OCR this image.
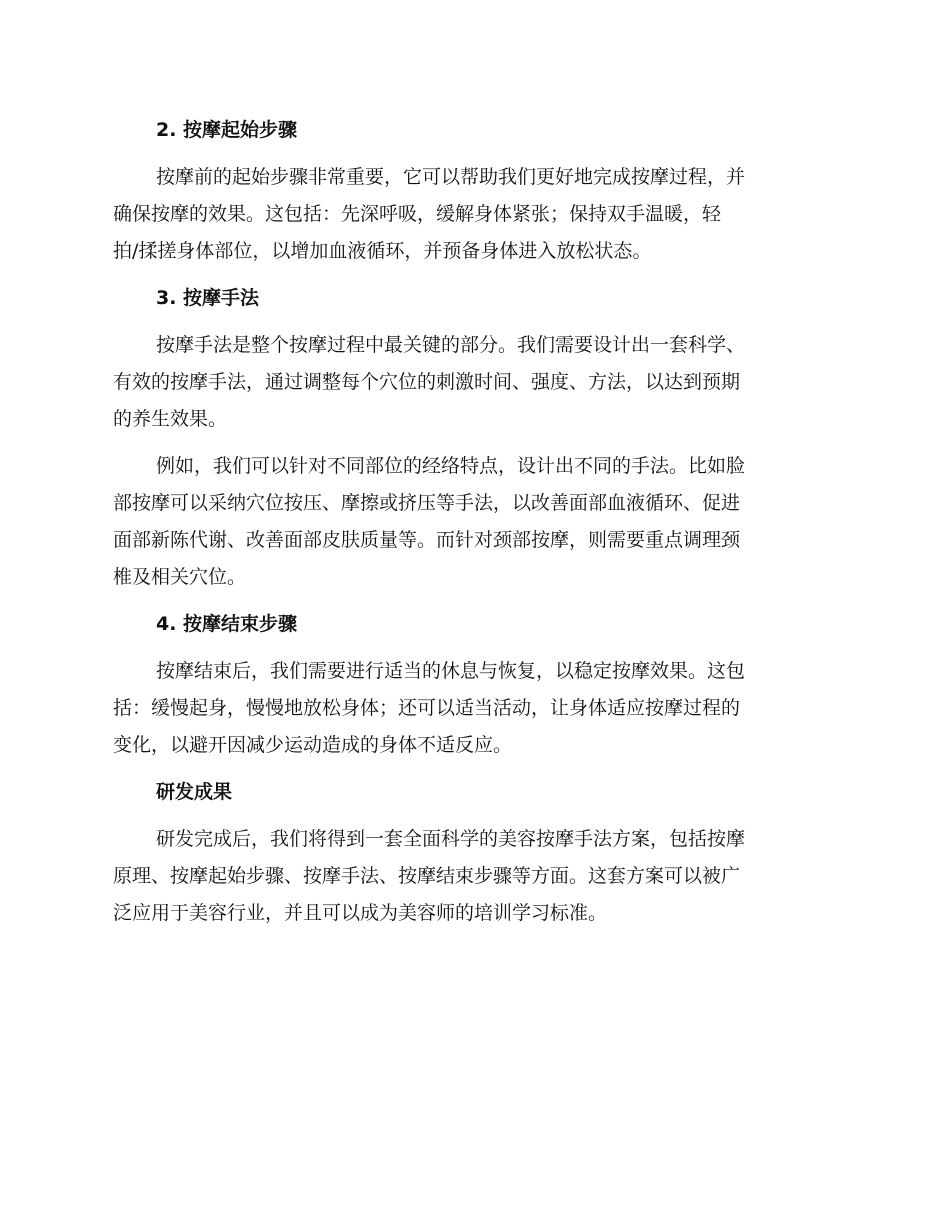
2. 按摩起始步骤
按摩前的起始步骤非常重要，它可以帮助我们更好地完成按摩过程，并
确保按摩的效果。这包括：先深呼吸，缓解身体紧张；保持双手温暖，轻
拍/揉搓身体部位，以增加血液循环，并预备身体进入放松状态。
3. 按摩手法
按摩手法是整个按摩过程中最关键的部分。我们需要设计出一套科学、
有效的按摩手法，通过调整每个穴位的刺激时间、强度、方法，以达到预期
的养生效果。
例如，我们可以针对不同部位的经络特点，设计出不同的手法。比如脸
部按摩可以采纳穴位按压、摩擦或挤压等手法，以改善面部血液循环、促进
面部新陈代谢、改善面部皮肤质量等。而针对颈部按摩，则需要重点调理颈
椎及相关穴位。
4. 按摩结束步骤
按摩结束后，我们需要进行适当的休息与恢复，以稳定按摩效果。这包
括：缓慢起身，慢慢地放松身体；还可以适当活动，让身体适应按摩过程的
变化，以避开因减少运动造成的身体不适反应。
研发成果
研发完成后，我们将得到一套全面科学的美容按摩手法方案，包括按摩
原理、按摩起始步骤、按摩手法、按摩结束步骤等方面。这套方案可以被广
泛应用于美容行业，并且可以成为美容师的培训学习标准。
